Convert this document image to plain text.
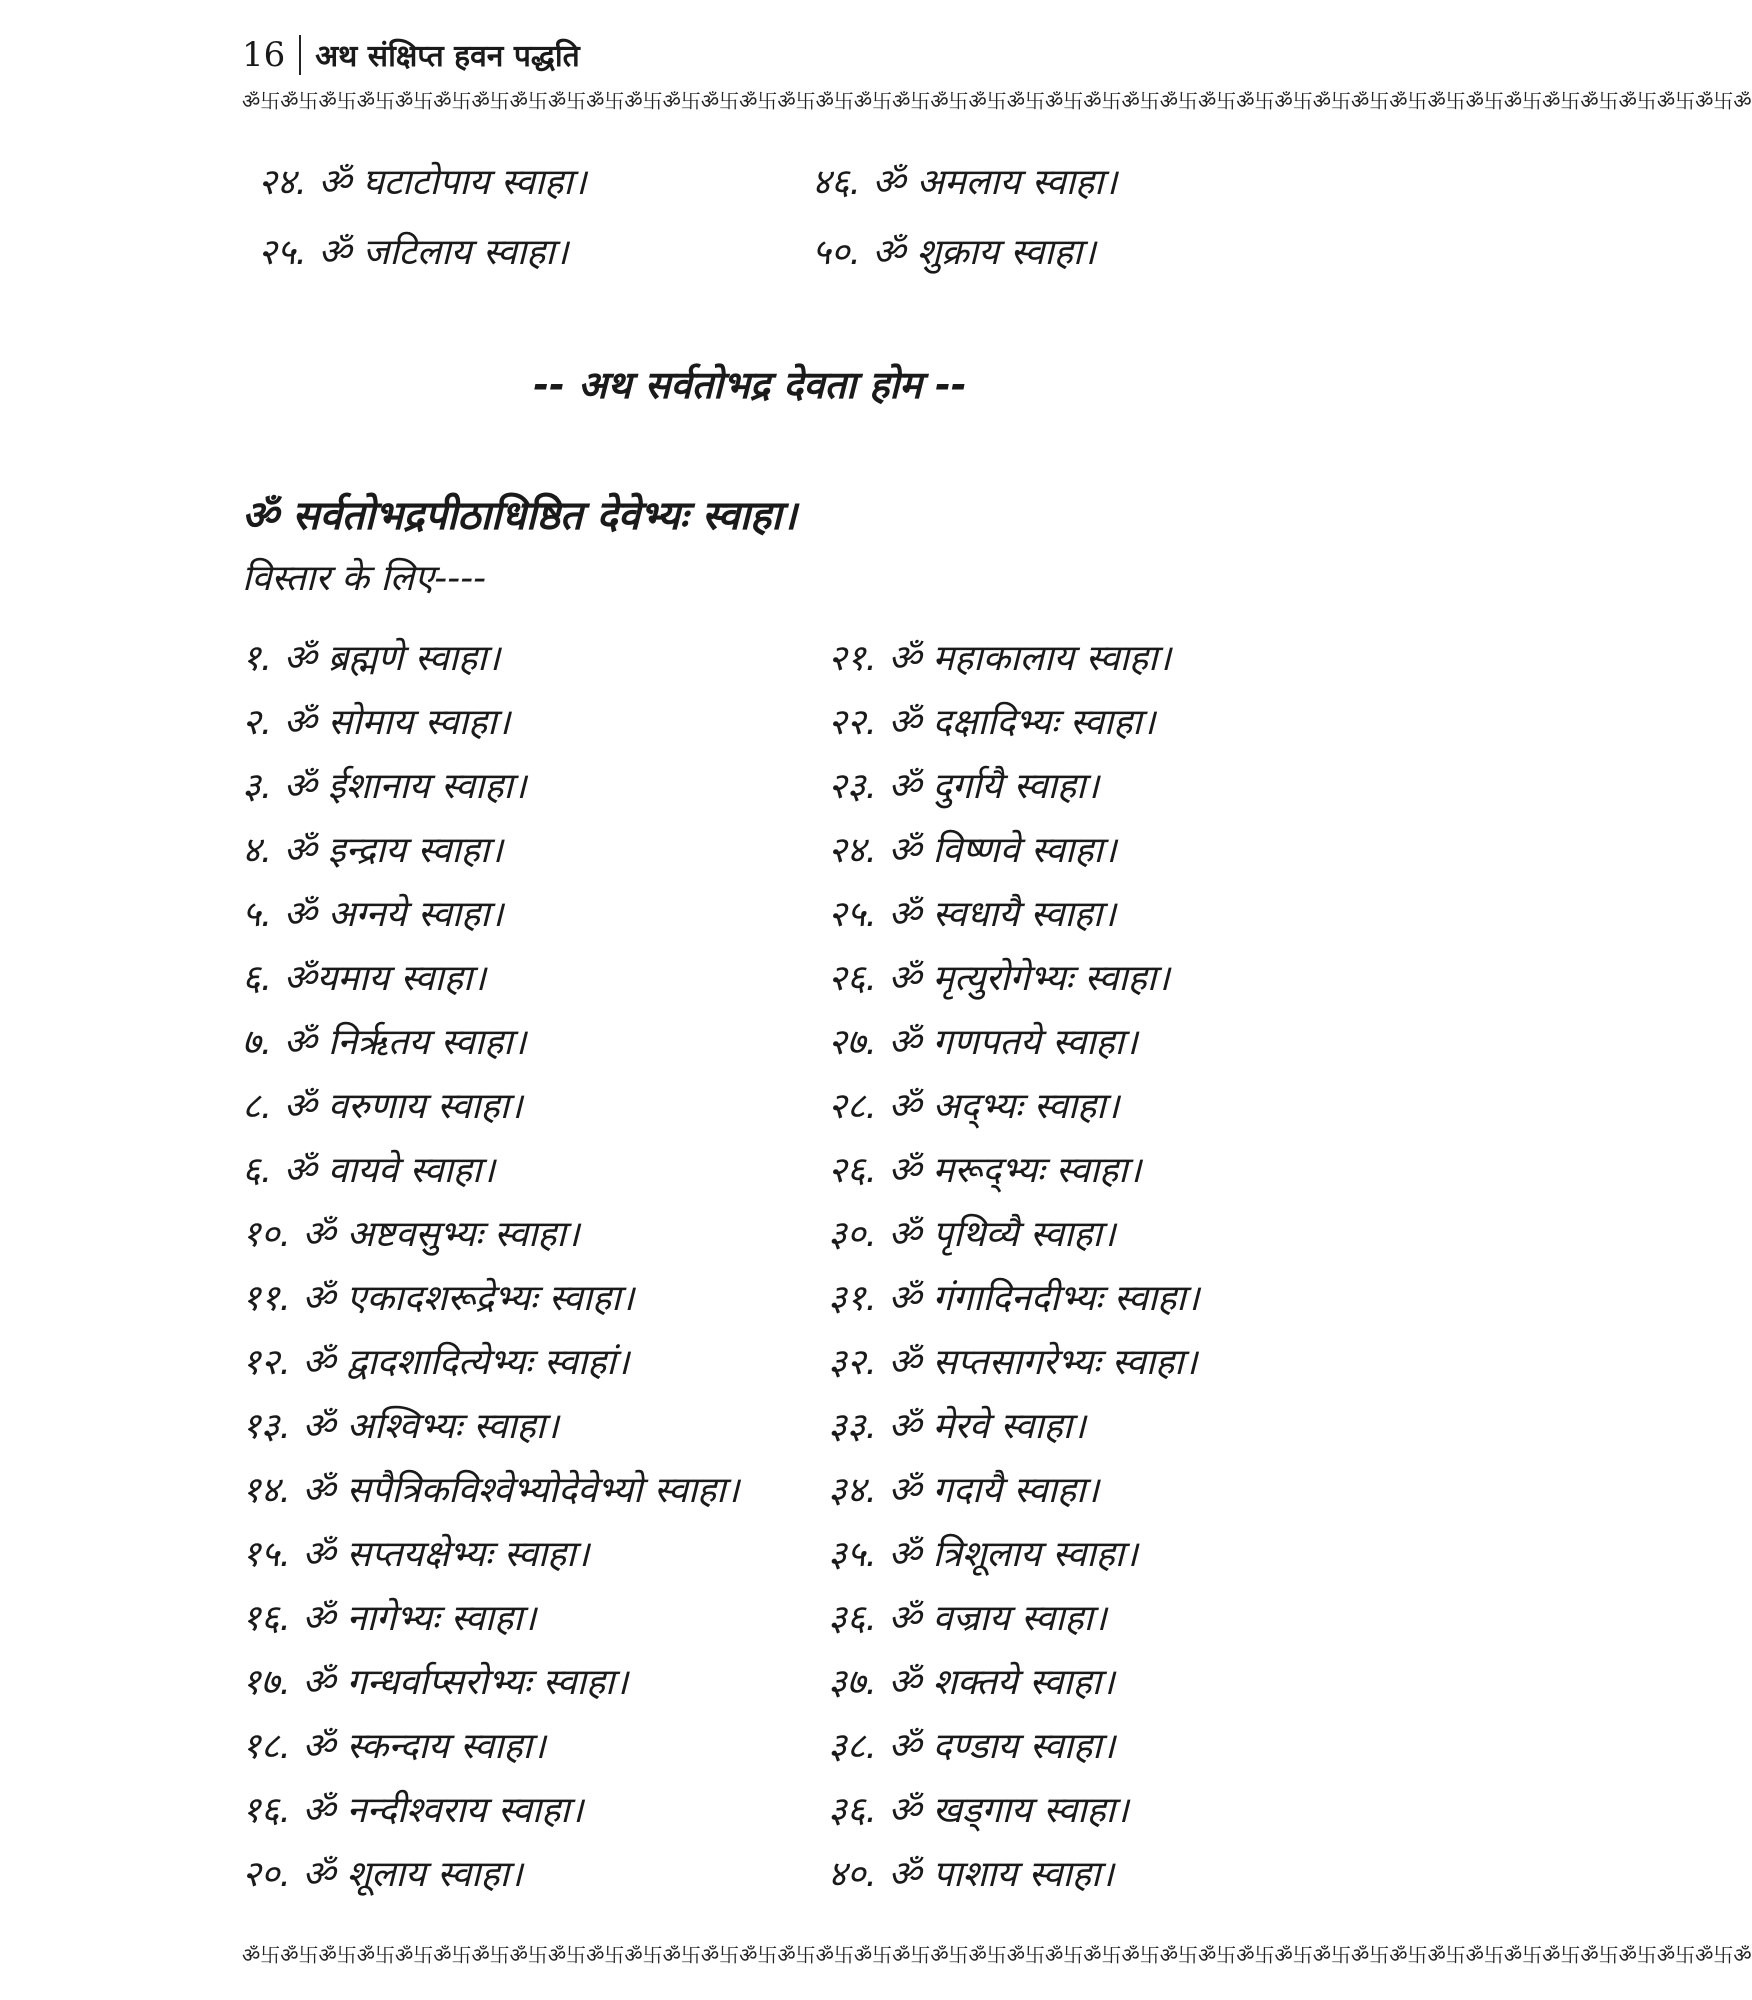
16 अथ संक्षिप्त हवन पद्धति
ॐ卐ॐ卐ॐ卐ॐ卐ॐ卐ॐ卐ॐ卐ॐ卐ॐ卐ॐ卐ॐ卐ॐ卐ॐ卐ॐ卐ॐ卐ॐ卐ॐ卐ॐ卐ॐ卐ॐ卐ॐ卐ॐ卐ॐ卐ॐ卐ॐ卐ॐ卐ॐ卐ॐ卐ॐ卐ॐ卐ॐ卐ॐ卐ॐ卐ॐ卐ॐ卐ॐ卐ॐ卐ॐ卐ॐ卐ॐ
२४. ॐ घटाटोपाय स्वाहा।
२५. ॐ जटिलाय स्वाहा।
४६. ॐ अमलाय स्वाहा।
५०. ॐ शुक्राय स्वाहा।
-- अथ सर्वतोभद्र देवता होम --
ॐ सर्वतोभद्रपीठाधिष्ठित देवेभ्यः स्वाहा।
विस्तार के लिए----
१. ॐ ब्रह्मणे स्वाहा।
२. ॐ सोमाय स्वाहा।
३. ॐ ईशानाय स्वाहा।
४. ॐ इन्द्राय स्वाहा।
५. ॐ अग्नये स्वाहा।
६. ॐयमाय स्वाहा।
७. ॐ निर्ऋतय स्वाहा।
८. ॐ वरुणाय स्वाहा।
६. ॐ वायवे स्वाहा।
१०. ॐ अष्टवसुभ्यः स्वाहा।
११. ॐ एकादशरूद्रेभ्यः स्वाहा।
१२. ॐ द्वादशादित्येभ्यः स्वाहां।
१३. ॐ अश्विभ्यः स्वाहा।
१४. ॐ सपैत्रिकविश्वेभ्योदेवेभ्यो स्वाहा।
१५. ॐ सप्तयक्षेभ्यः स्वाहा।
१६. ॐ नागेभ्यः स्वाहा।
१७. ॐ गन्धर्वाप्सरोभ्यः स्वाहा।
१८. ॐ स्कन्दाय स्वाहा।
१६. ॐ नन्दीश्वराय स्वाहा।
२०. ॐ शूलाय स्वाहा।
२१. ॐ महाकालाय स्वाहा।
२२. ॐ दक्षादिभ्यः स्वाहा।
२३. ॐ दुर्गायै स्वाहा।
२४. ॐ विष्णवे स्वाहा।
२५. ॐ स्वधायै स्वाहा।
२६. ॐ मृत्युरोगेभ्यः स्वाहा।
२७. ॐ गणपतये स्वाहा।
२८. ॐ अद्भ्यः स्वाहा।
२६. ॐ मरूद्भ्यः स्वाहा।
३०. ॐ पृथिव्यै स्वाहा।
३१. ॐ गंगादिनदीभ्यः स्वाहा।
३२. ॐ सप्तसागरेभ्यः स्वाहा।
३३. ॐ मेरवे स्वाहा।
३४. ॐ गदायै स्वाहा।
३५. ॐ त्रिशूलाय स्वाहा।
३६. ॐ वज्राय स्वाहा।
३७. ॐ शक्तये स्वाहा।
३८. ॐ दण्डाय स्वाहा।
३६. ॐ खड्गाय स्वाहा।
४०. ॐ पाशाय स्वाहा।
ॐ卐ॐ卐ॐ卐ॐ卐ॐ卐ॐ卐ॐ卐ॐ卐ॐ卐ॐ卐ॐ卐ॐ卐ॐ卐ॐ卐ॐ卐ॐ卐ॐ卐ॐ卐ॐ卐ॐ卐ॐ卐ॐ卐ॐ卐ॐ卐ॐ卐ॐ卐ॐ卐ॐ卐ॐ卐ॐ卐ॐ卐ॐ卐ॐ卐ॐ卐ॐ卐ॐ卐ॐ卐ॐ卐ॐ卐ॐ
